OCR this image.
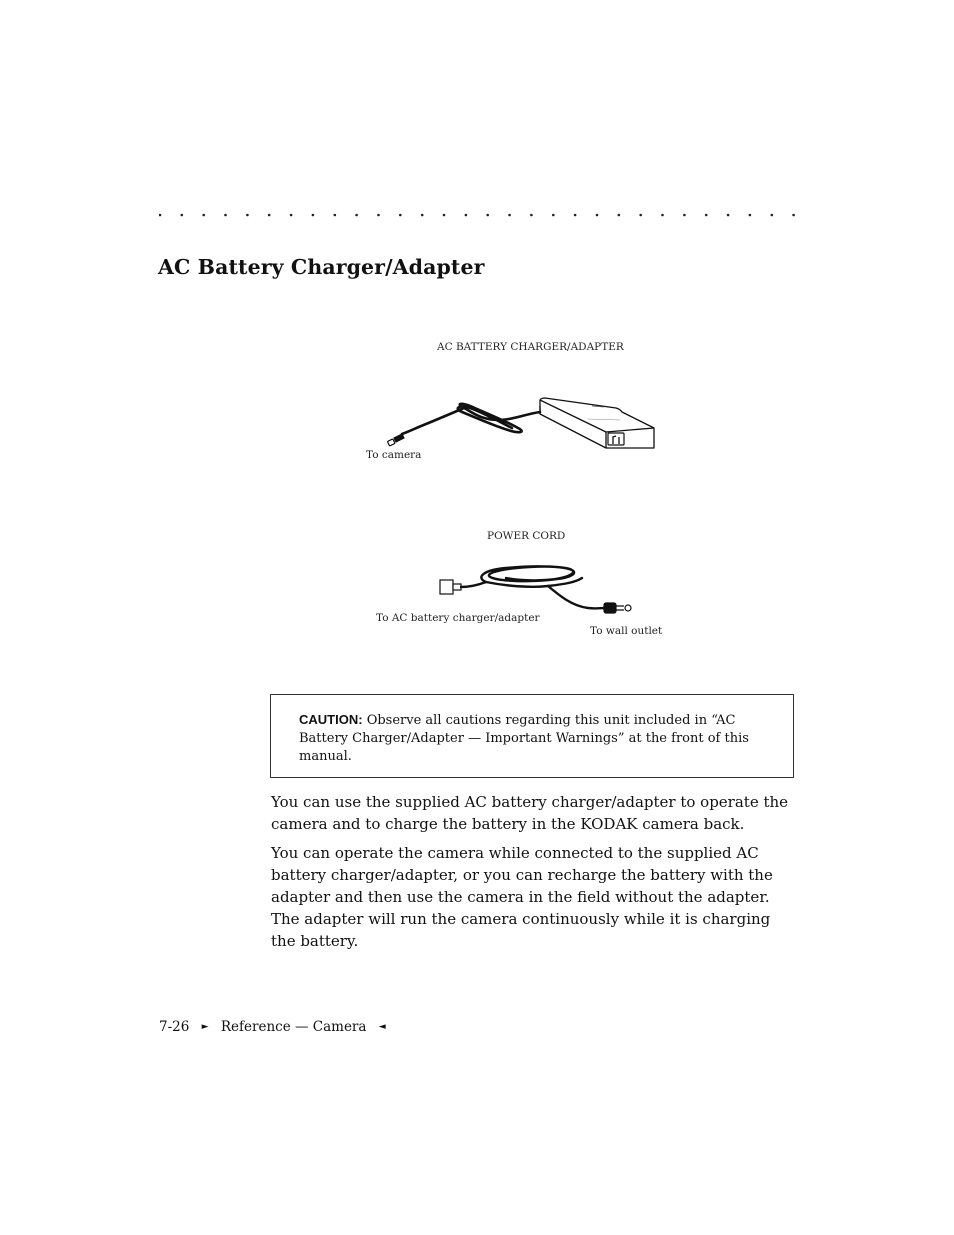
AC Battery Charger/Adapter
AC BATTERY CHARGER/ADAPTER
To camera
POWER CORD
To AC battery charger/adapter
To wall outlet

CAUTION: Observe all cautions regarding this unit included in “AC Battery Charger/Adapter — Important Warnings” at the front of this manual.

You can use the supplied AC battery charger/adapter to operate the camera and to charge the battery in the KODAK camera back.

You can operate the camera while connected to the supplied AC battery charger/adapter, or you can recharge the battery with the adapter and then use the camera in the field without the adapter. The adapter will run the camera continuously while it is charging the battery.

7-26 ► Reference — Camera ◄
